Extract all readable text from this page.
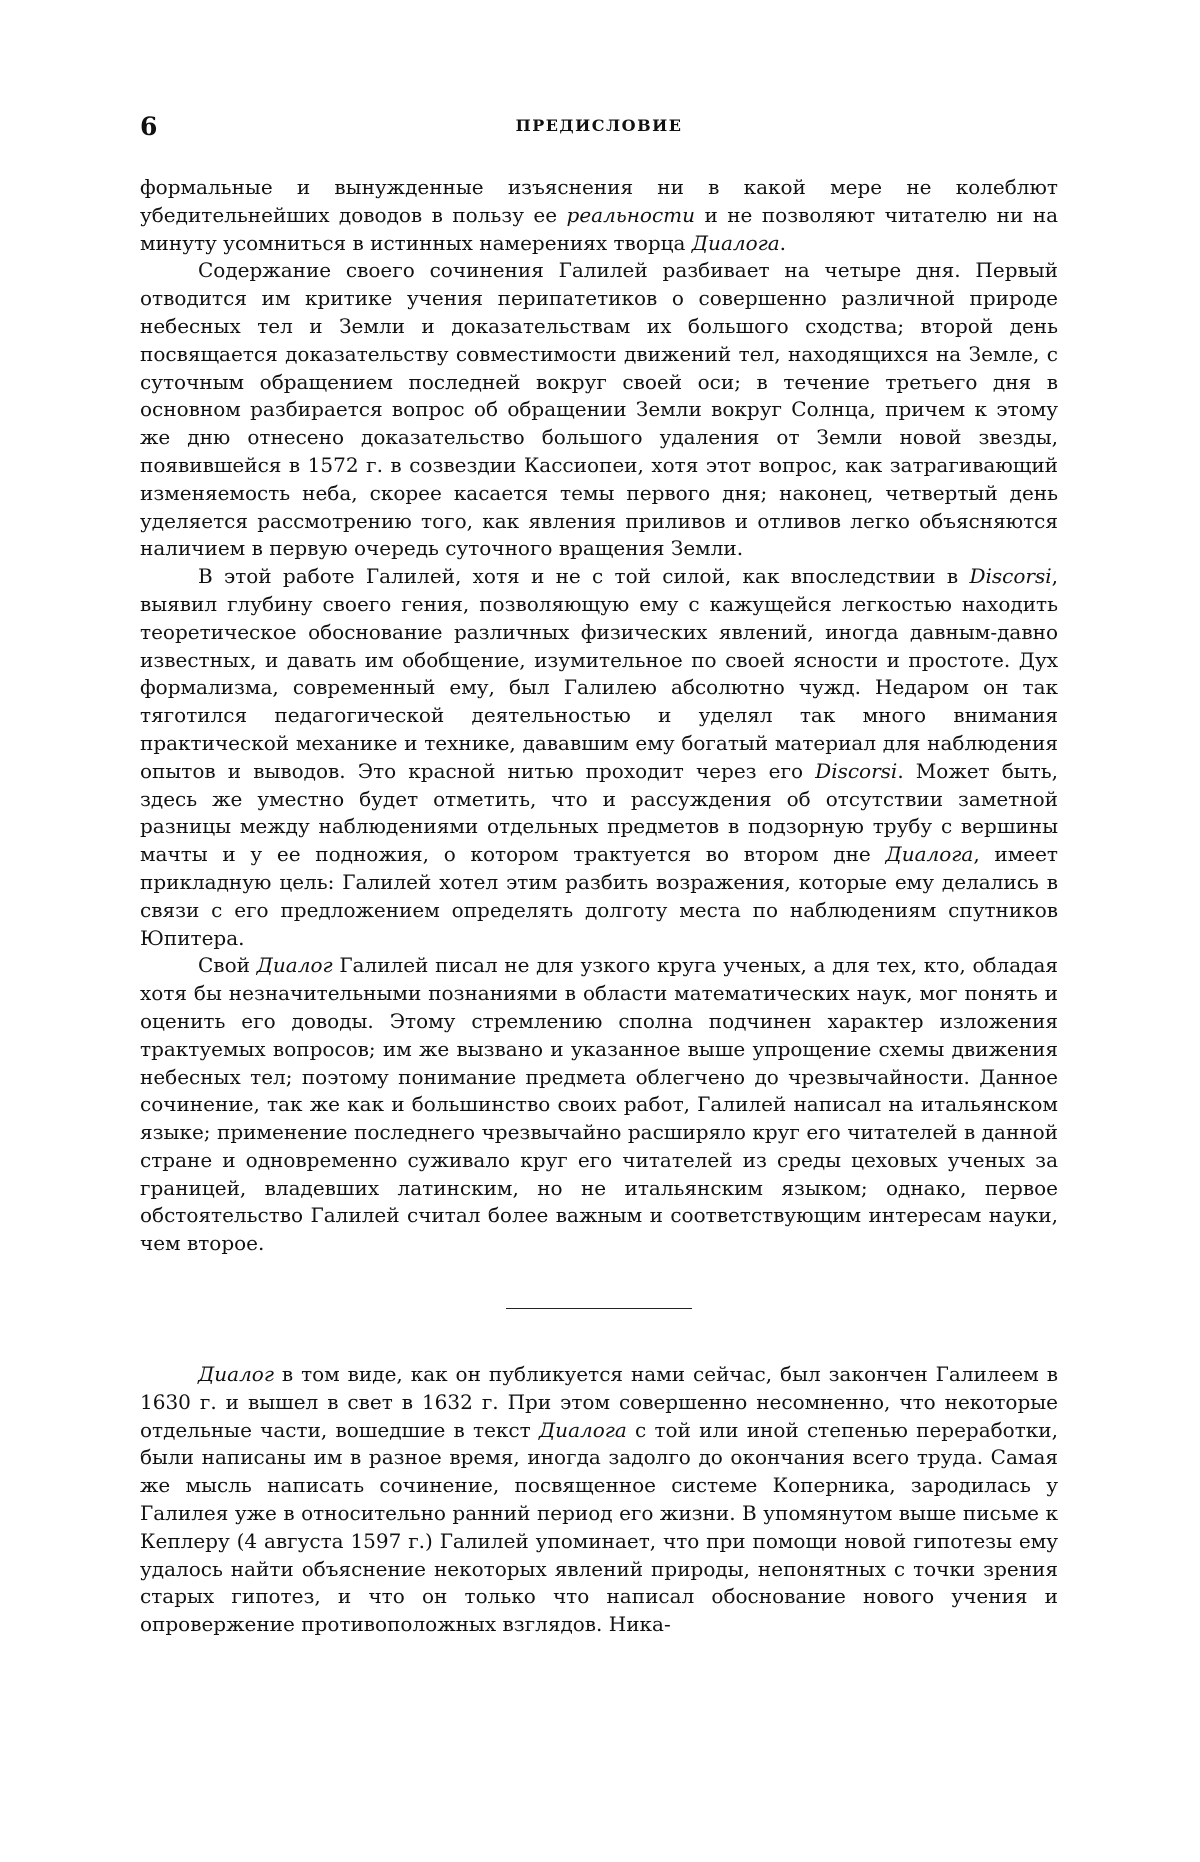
6	ПРЕДИСЛОВИЕ

формальные и вынужденные изъяснения ни в какой мере не колеблют убедительнейших доводов в пользу ее реальности и не позволяют читателю ни на минуту усомниться в истинных намерениях творца Диалога.

Содержание своего сочинения Галилей разбивает на четыре дня. Первый отводится им критике учения перипатетиков о совершенно различной природе небесных тел и Земли и доказательствам их большого сходства; второй день посвящается доказательству совместимости движений тел, находящихся на Земле, с суточным обращением последней вокруг своей оси; в течение третьего дня в основном разбирается вопрос об обращении Земли вокруг Солнца, причем к этому же дню отнесено доказательство большого удаления от Земли новой звезды, появившейся в 1572 г. в созвездии Кассиопеи, хотя этот вопрос, как затрагивающий изменяемость неба, скорее касается темы первого дня; наконец, четвертый день уделяется рассмотрению того, как явления приливов и отливов легко объясняются наличием в первую очередь суточного вращения Земли.

В этой работе Галилей, хотя и не с той силой, как впоследствии в Discorsi, выявил глубину своего гения, позволяющую ему с кажущейся легкостью находить теоретическое обоснование различных физических явлений, иногда давным-давно известных, и давать им обобщение, изумительное по своей ясности и простоте. Дух формализма, современный ему, был Галилею абсолютно чужд. Недаром он так тяготился педагогической деятельностью и уделял так много внимания практической механике и технике, дававшим ему богатый материал для наблюдения опытов и выводов. Это красной нитью проходит через его Discorsi. Может быть, здесь же уместно будет отметить, что и рассуждения об отсутствии заметной разницы между наблюдениями отдельных предметов в подзорную трубу с вершины мачты и у ее подножия, о котором трактуется во втором дне Диалога, имеет прикладную цель: Галилей хотел этим разбить возражения, которые ему делались в связи с его предложением определять долготу места по наблюдениям спутников Юпитера.

Свой Диалог Галилей писал не для узкого круга ученых, а для тех, кто, обладая хотя бы незначительными познаниями в области математических наук, мог понять и оценить его доводы. Этому стремлению сполна подчинен характер изложения трактуемых вопросов; им же вызвано и указанное выше упрощение схемы движения небесных тел; поэтому понимание предмета облегчено до чрезвычайности. Данное сочинение, так же как и большинство своих работ, Галилей написал на итальянском языке; применение последнего чрезвычайно расширяло круг его читателей в данной стране и одновременно суживало круг его читателей из среды цеховых ученых за границей, владевших латинским, но не итальянским языком; однако, первое обстоятельство Галилей считал более важным и соответствующим интересам науки, чем второе.

Диалог в том виде, как он публикуется нами сейчас, был закончен Галилеем в 1630 г. и вышел в свет в 1632 г. При этом совершенно несомненно, что некоторые отдельные части, вошедшие в текст Диалога с той или иной степенью переработки, были написаны им в разное время, иногда задолго до окончания всего труда. Самая же мысль написать сочинение, посвященное системе Коперника, зародилась у Галилея уже в относительно ранний период его жизни. В упомянутом выше письме к Кеплеру (4 августа 1597 г.) Галилей упоминает, что при помощи новой гипотезы ему удалось найти объяснение некоторых явлений природы, непонятных с точки зрения старых гипотез, и что он только что написал обоснование нового учения и опровержение противоположных взглядов. Ника-
